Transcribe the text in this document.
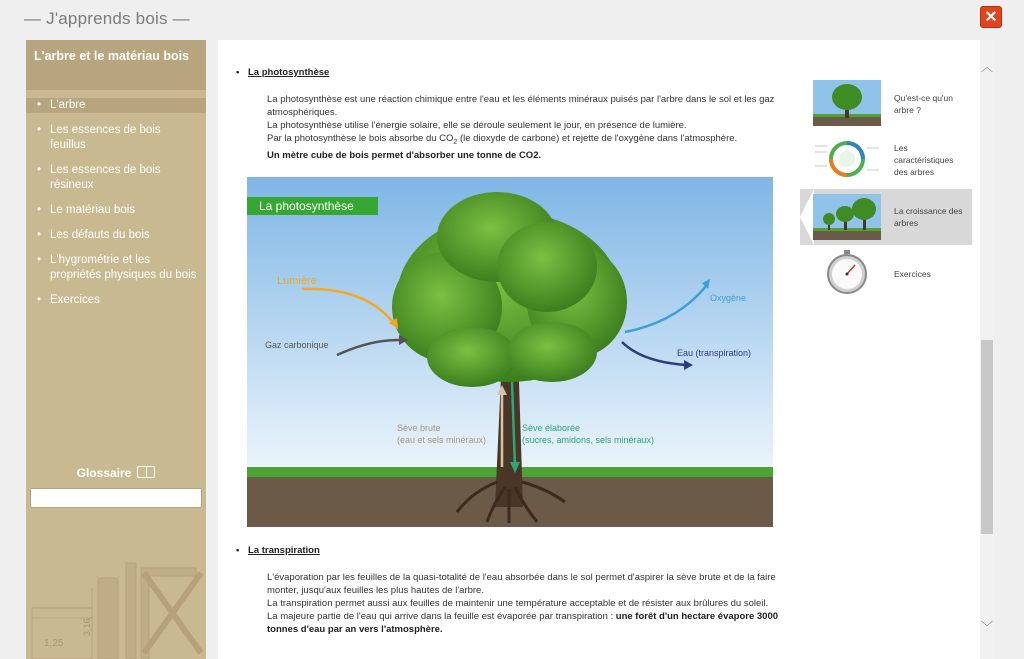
— J'apprends bois —	✕
L'arbre et le matériau bois
• L'arbre
• Les essences de bois feuillus
• Les essences de bois résineux
• Le matériau bois
• Les défauts du bois
• L'hygrométrie et les propriétés physiques du bois
• Exercices
Glossaire
1,25
3,16
• La photosynthèse

La photosynthèse est une réaction chimique entre l'eau et les éléments minéraux puisés par l'arbre dans le sol et les gaz atmosphériques.

La photosynthèse utilise l'énergie solaire, elle se déroule seulement le jour, en présence de lumière.

Par la photosynthèse le bois absorbe du $CO_2$ (le dioxyde de carbone) et rejette de l'oxygène dans l'atmosphère.

Un mètre cube de bois permet d'absorber une tonne de CO2.

La photosynthèse
Lumière
Gaz carbonique
Oxygène
Eau (transpiration)
Sève brute
(eau et sels minéraux)
Sève élaborée
(sucres, amidons, sels minéraux)
• La transpiration

L'évaporation par les feuilles de la quasi-totalité de l'eau absorbée dans le sol permet d'aspirer la sève brute et de la faire monter, jusqu'aux feuilles les plus hautes de l'arbre.

La transpiration permet aussi aux feuilles de maintenir une température acceptable et de résister aux brûlures du soleil.

La majeure partie de l'eau qui arrive dans la feuille est évaporée par transpiration : une forêt d'un hectare évapore 3000 tonnes d'eau par an vers l'atmosphère.

Qu'est-ce qu'un arbre ?
Les caractéristiques des arbres
La croissance des arbres
Exercices
︿
﹀
